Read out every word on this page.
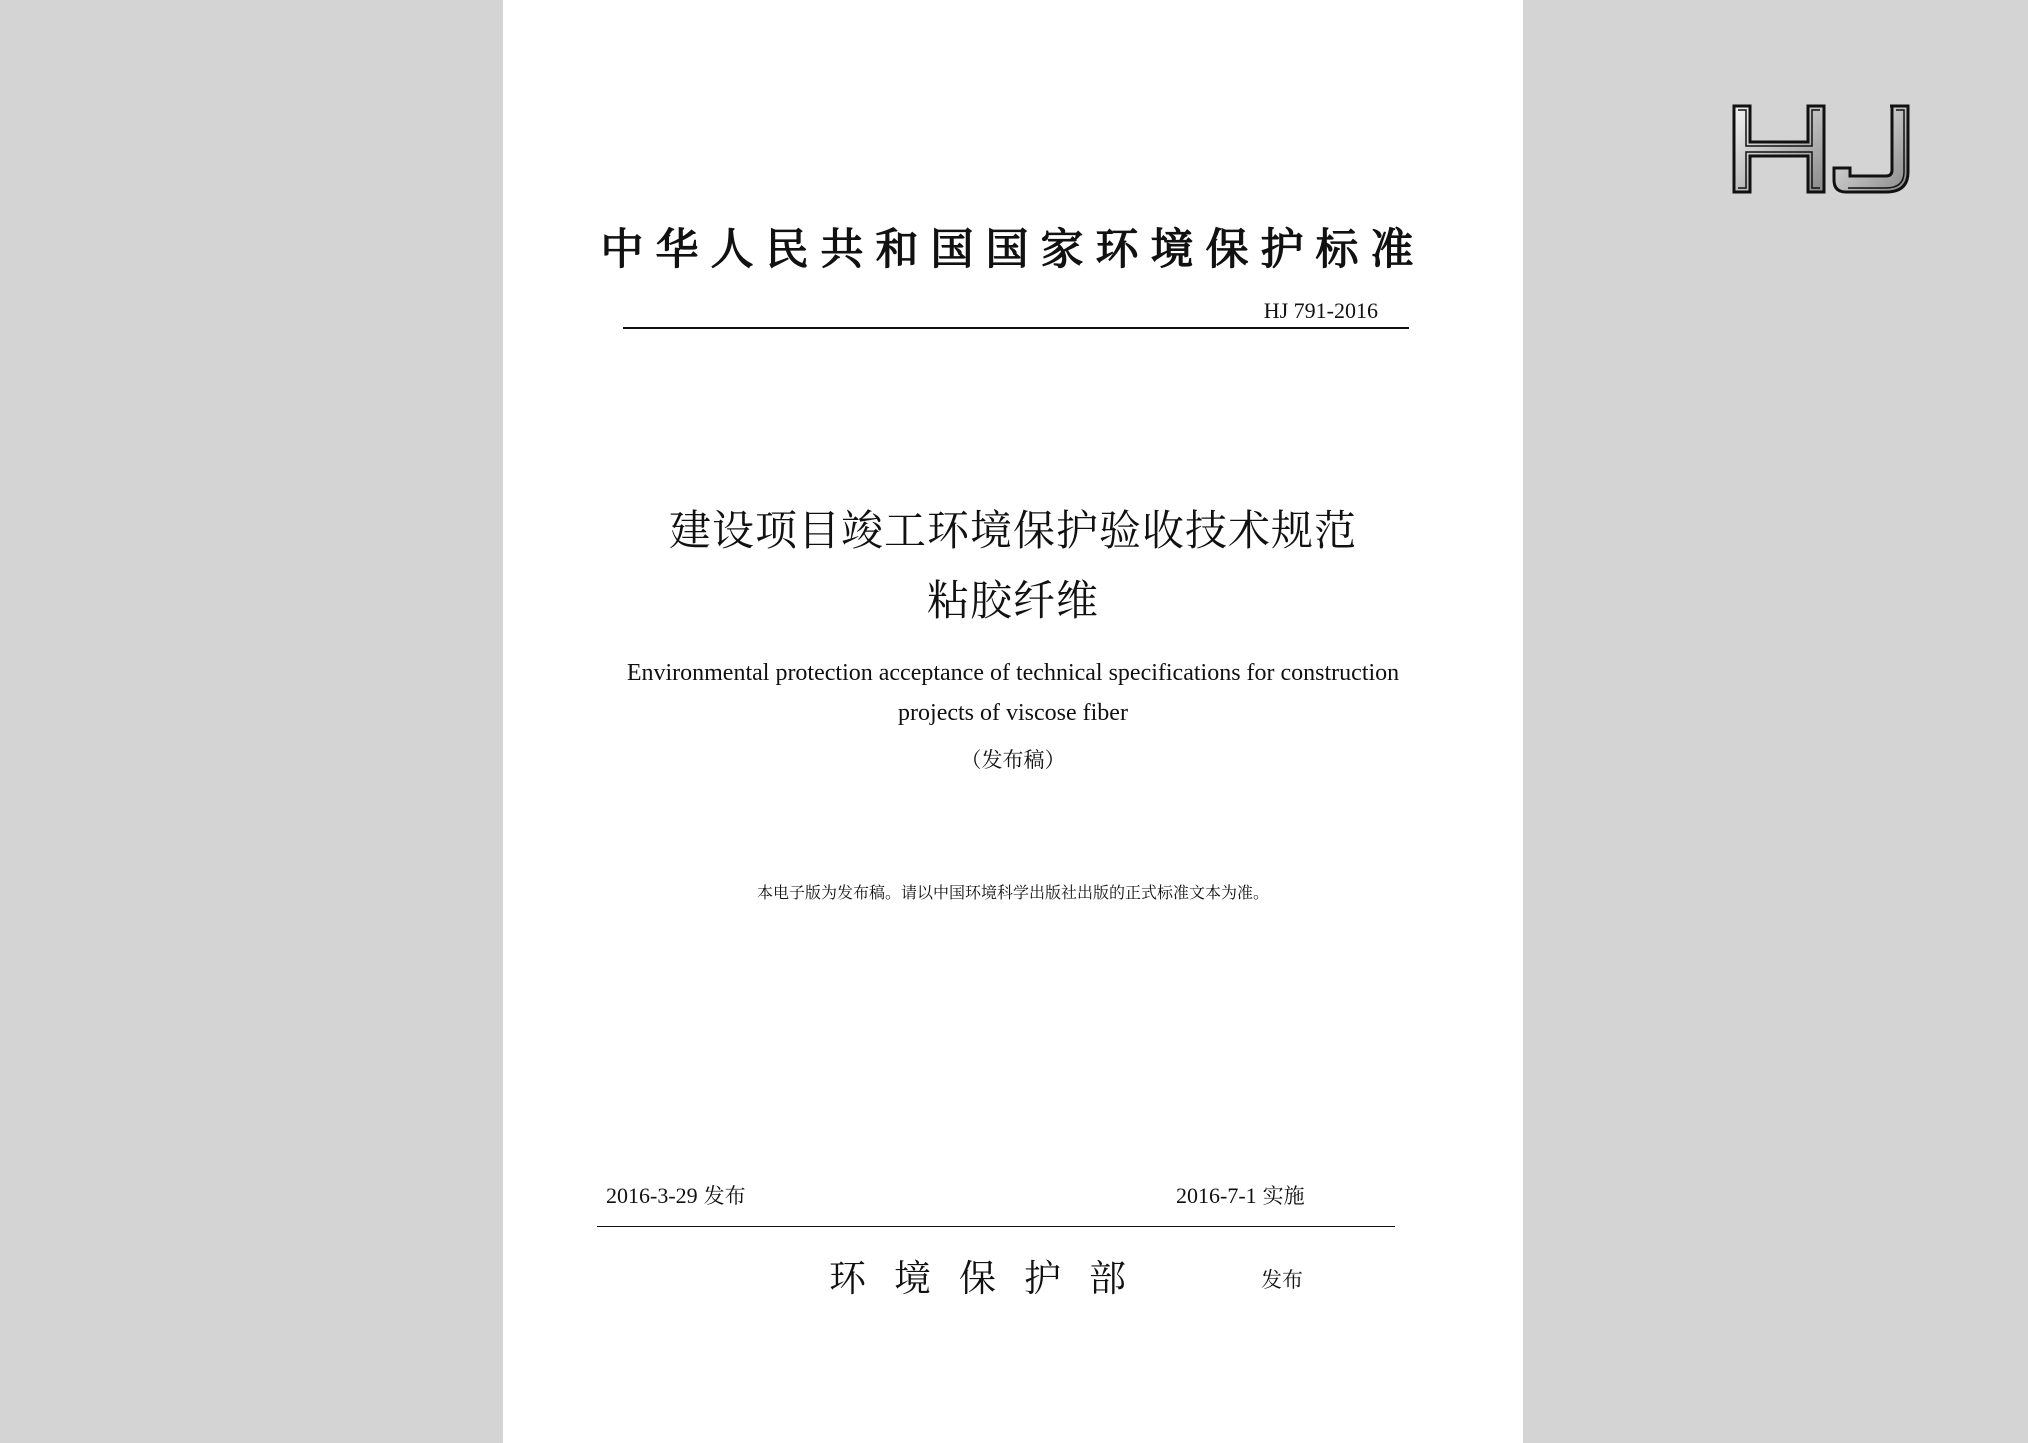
中华人民共和国国家环境保护标准
HJ 791-2016
建设项目竣工环境保护验收技术规范
粘胶纤维
Environmental protection acceptance of technical specifications for construction
projects of viscose fiber
（发布稿）
本电子版为发布稿。请以中国环境科学出版社出版的正式标准文本为准。
2016-3-29 发布	2016-7-1 实施
环境保护部	发布
